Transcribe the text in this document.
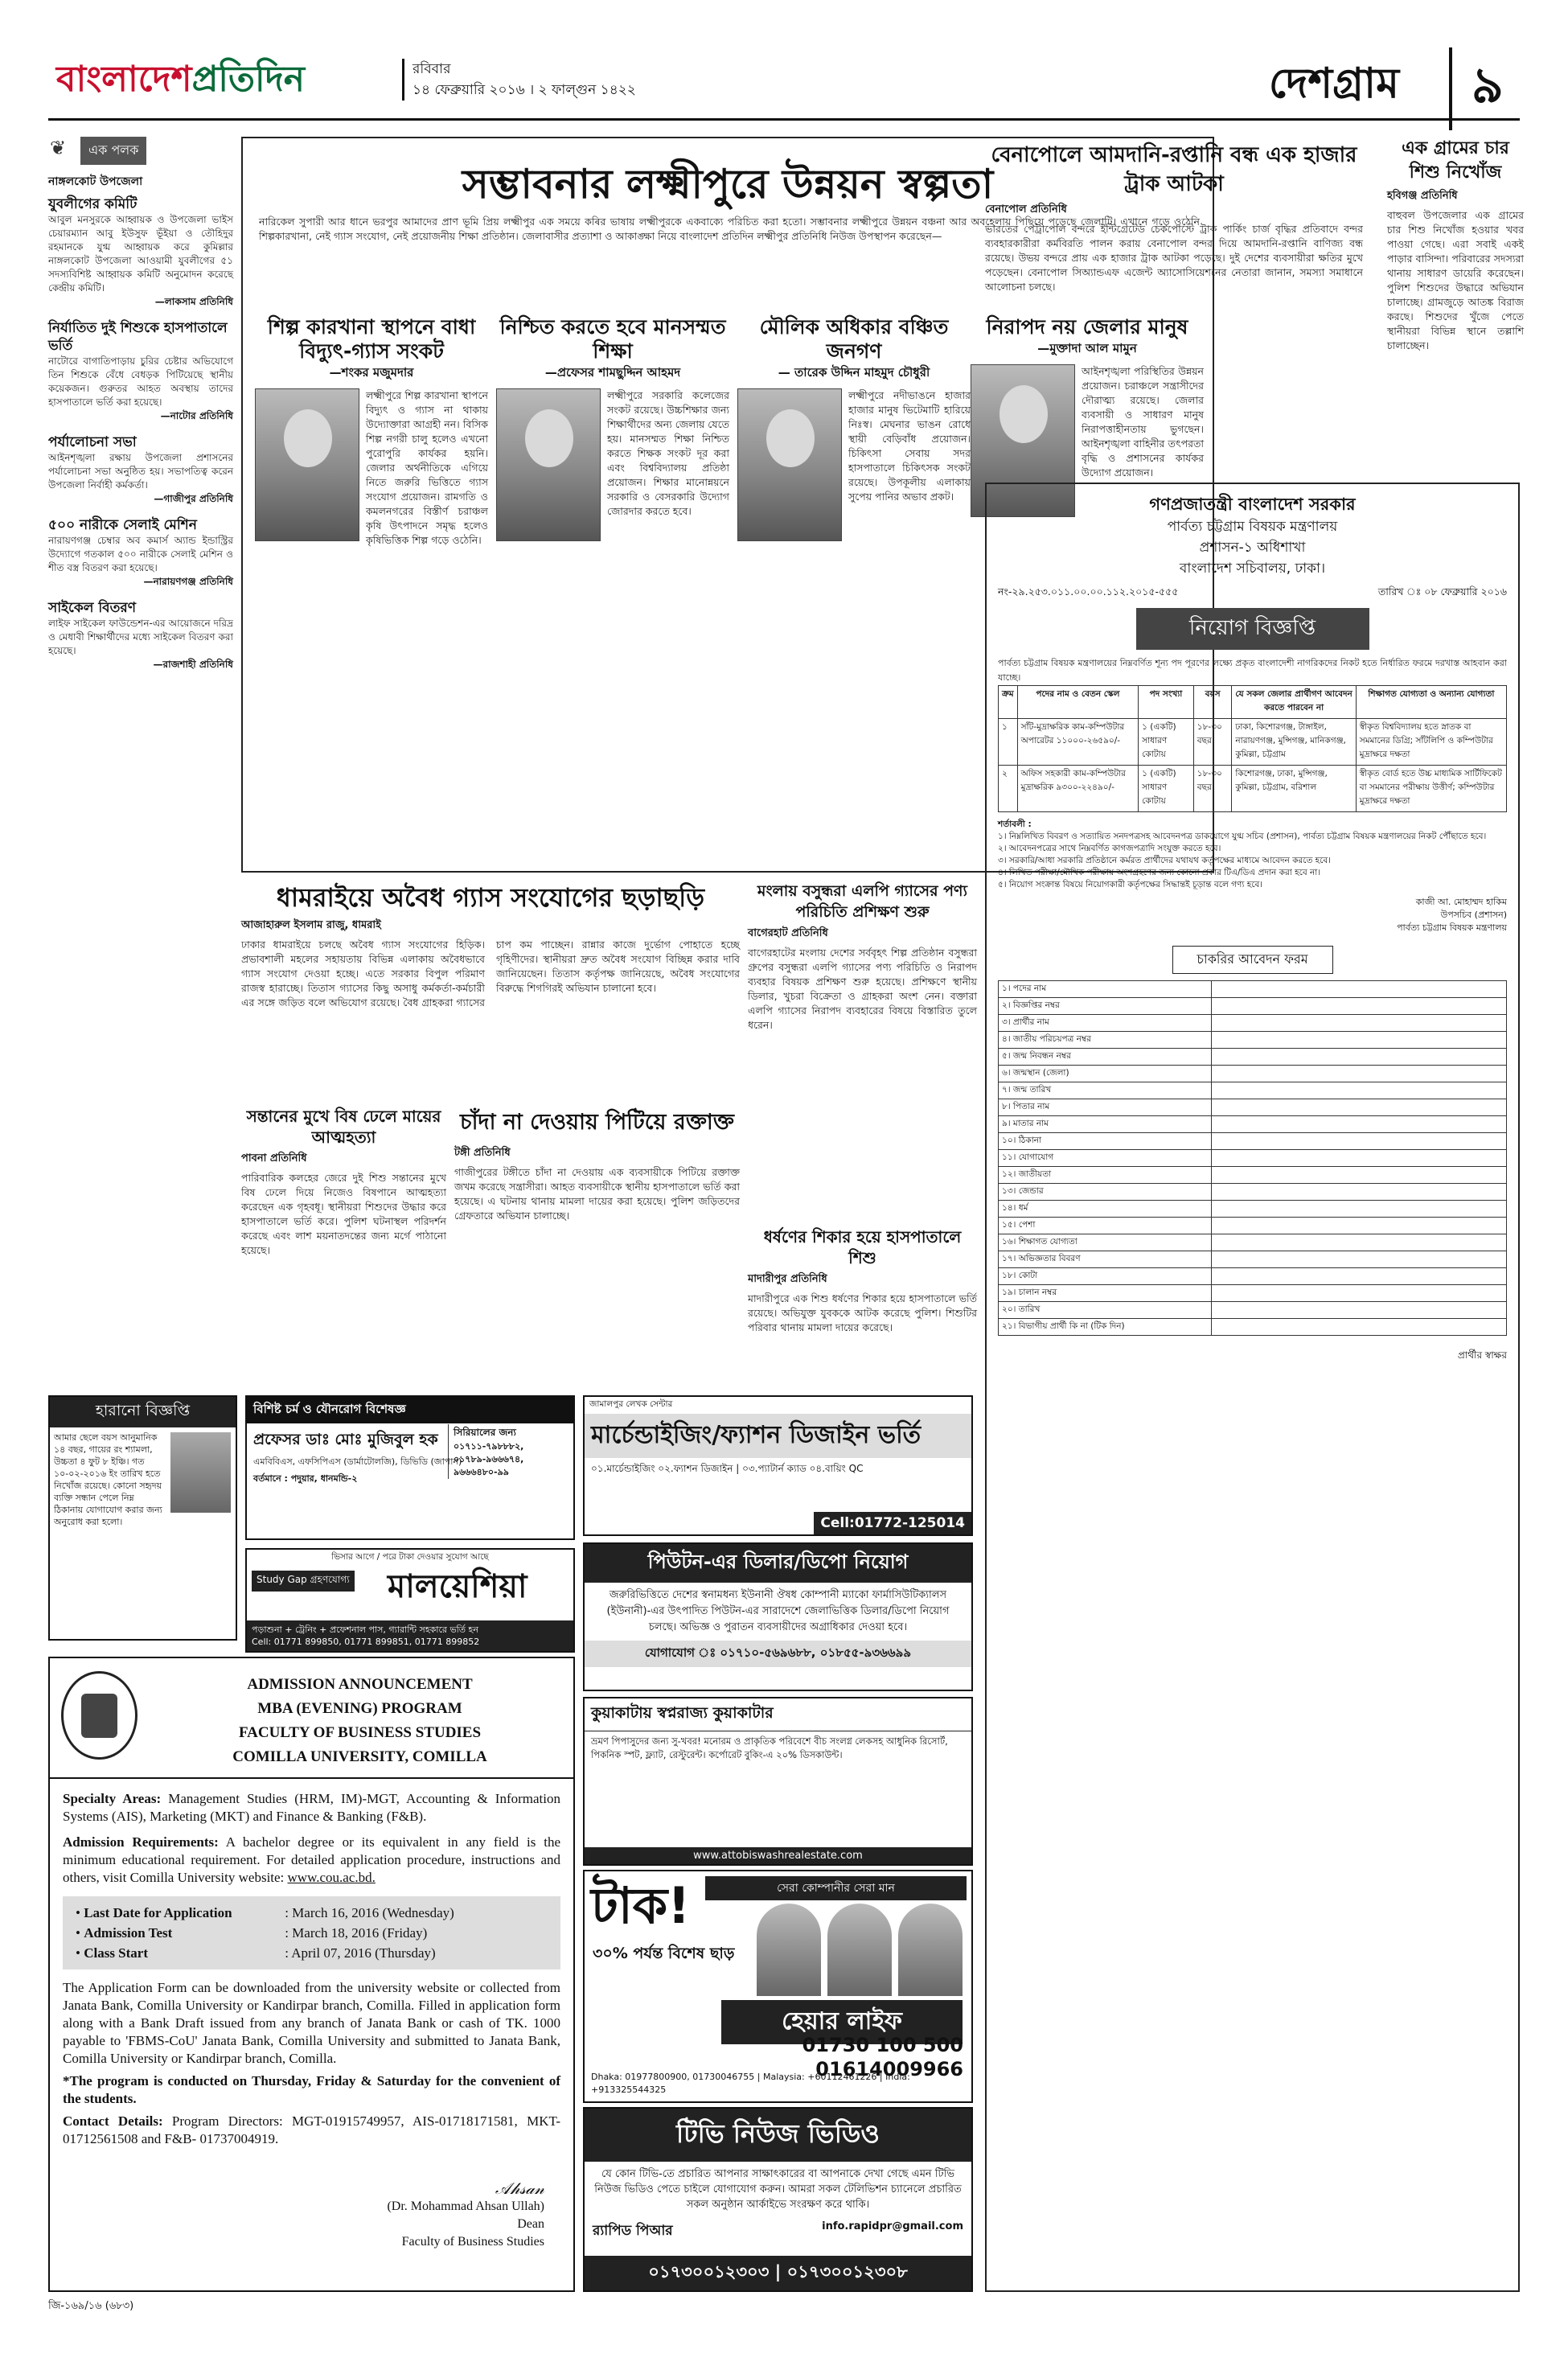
বাংলাদেশপ্রতিদিন	রবিবার
১৪ ফেব্রুয়ারি ২০১৬ । ২ ফাল্গুন ১৪২২	দেশগ্রাম	৯
❦ এক পলক
নাঙ্গলকোট উপজেলা
যুবলীগের কমিটি

আবুল মনসুরকে আহ্বায়ক ও উপজেলা ভাইস চেয়ারম্যান আবু ইউসুফ ভূঁইয়া ও তৌহিদুর রহমানকে যুগ্ম আহ্বায়ক করে কুমিল্লার নাঙ্গলকোট উপজেলা আওয়ামী যুবলীগের ৫১ সদস্যবিশিষ্ট আহ্বায়ক কমিটি অনুমোদন করেছে কেন্দ্রীয় কমিটি।

—লাকসাম প্রতিনিধি
নির্যাতিত দুই শিশুকে হাসপাতালে ভর্তি

নাটোরে বাগাতিপাড়ায় চুরির চেষ্টার অভিযোগে তিন শিশুকে বেঁধে বেধড়ক পিটিয়েছে স্থানীয় কয়েকজন। গুরুতর আহত অবস্থায় তাদের হাসপাতালে ভর্তি করা হয়েছে।

—নাটোর প্রতিনিধি
পর্যালোচনা সভা

আইনশৃঙ্খলা রক্ষায় উপজেলা প্রশাসনের পর্যালোচনা সভা অনুষ্ঠিত হয়। সভাপতিত্ব করেন উপজেলা নির্বাহী কর্মকর্তা।

—গাজীপুর প্রতিনিধি
৫০০ নারীকে সেলাই মেশিন

নারায়ণগঞ্জ চেম্বার অব কমার্স অ্যান্ড ইন্ডাস্ট্রির উদ্যোগে গতকাল ৫০০ নারীকে সেলাই মেশিন ও শীত বস্ত্র বিতরণ করা হয়েছে।

—নারায়ণগঞ্জ প্রতিনিধি
সাইকেল বিতরণ

লাইফ সাইকেল ফাউন্ডেশন-এর আয়োজনে দরিদ্র ও মেধাবী শিক্ষার্থীদের মধ্যে সাইকেল বিতরণ করা হয়েছে।

—রাজশাহী প্রতিনিধি
সম্ভাবনার লক্ষ্মীপুরে উন্নয়ন স্বল্পতা
নারিকেল সুপারী আর ধানে ভরপুর আমাদের প্রাণ ভূমি প্রিয় লক্ষ্মীপুর এক সময়ে কৰির ভাষায় লক্ষ্মীপুরকে একবাক্যে পরিচিত করা হতো। সম্ভাবনার লক্ষ্মীপুরে উন্নয়ন বঞ্চনা আর অবহেলায় পিছিয়ে পড়েছে জেলাটি। এখানে গড়ে ওঠেনি শিল্পকারখানা, নেই গ্যাস সংযোগ, নেই প্রয়োজনীয় শিক্ষা প্রতিষ্ঠান। জেলাবাসীর প্রত্যাশা ও আকাঙ্ক্ষা নিয়ে বাংলাদেশ প্রতিদিন লক্ষ্মীপুর প্রতিনিধি নিউজ উপস্থাপন করেছেন—
শিল্প কারখানা স্থাপনে বাধা বিদ্যুৎ-গ্যাস সংকট
—শংকর মজুমদার
লক্ষ্মীপুরে শিল্প কারখানা স্থাপনে বিদ্যুৎ ও গ্যাস না থাকায় উদ্যোক্তারা আগ্রহী নন। বিসিক শিল্প নগরী চালু হলেও এখনো পুরোপুরি কার্যকর হয়নি। জেলার অর্থনীতিকে এগিয়ে নিতে জরুরি ভিত্তিতে গ্যাস সংযোগ প্রয়োজন। রামগতি ও কমলনগরের বিস্তীর্ণ চরাঞ্চল কৃষি উৎপাদনে সমৃদ্ধ হলেও কৃষিভিত্তিক শিল্প গড়ে ওঠেনি।
নিশ্চিত করতে হবে মানসম্মত শিক্ষা
—প্রফেসর শামছুদ্দিন আহমদ
লক্ষ্মীপুরে সরকারি কলেজের সংকট রয়েছে। উচ্চশিক্ষার জন্য শিক্ষার্থীদের অন্য জেলায় যেতে হয়। মানসম্মত শিক্ষা নিশ্চিত করতে শিক্ষক সংকট দূর করা এবং বিশ্ববিদ্যালয় প্রতিষ্ঠা প্রয়োজন। শিক্ষার মানোন্নয়নে সরকারি ও বেসরকারি উদ্যোগ জোরদার করতে হবে।
মৌলিক অধিকার বঞ্চিত জনগণ
— তারেক উদ্দিন মাহমুদ চৌধুরী
লক্ষ্মীপুরে নদীভাঙনে হাজার হাজার মানুষ ভিটেমাটি হারিয়ে নিঃস্ব। মেঘনার ভাঙন রোধে স্থায়ী বেড়িবাঁধ প্রয়োজন। চিকিৎসা সেবায় সদর হাসপাতালে চিকিৎসক সংকট রয়েছে। উপকূলীয় এলাকায় সুপেয় পানির অভাব প্রকট।
নিরাপদ নয় জেলার মানুষ
—মুক্তাদা আল মামুন
আইনশৃঙ্খলা পরিস্থিতির উন্নয়ন প্রয়োজন। চরাঞ্চলে সন্ত্রাসীদের দৌরাত্ম্য রয়েছে। জেলার ব্যবসায়ী ও সাধারণ মানুষ নিরাপত্তাহীনতায় ভুগছেন। আইনশৃঙ্খলা বাহিনীর তৎপরতা বৃদ্ধি ও প্রশাসনের কার্যকর উদ্যোগ প্রয়োজন।
বেনাপোলে আমদানি-রপ্তানি বন্ধ এক হাজার ট্রাক আটকা
বেনাপোল প্রতিনিধি
ভারতের পেট্রাপোল বন্দরে ইন্টিগ্রেটেড চেকপোস্টে ট্রাক পার্কিং চার্জ বৃদ্ধির প্রতিবাদে বন্দর ব্যবহারকারীরা কর্মবিরতি পালন করায় বেনাপোল বন্দর দিয়ে আমদানি-রপ্তানি বাণিজ্য বন্ধ রয়েছে। উভয় বন্দরে প্রায় এক হাজার ট্রাক আটকা পড়েছে। দুই দেশের ব্যবসায়ীরা ক্ষতির মুখে পড়েছেন। বেনাপোল সিঅ্যান্ডএফ এজেন্ট অ্যাসোসিয়েশনের নেতারা জানান, সমস্যা সমাধানে আলোচনা চলছে।
এক গ্রামের চার শিশু নিখোঁজ
হবিগঞ্জ প্রতিনিধি
বাহুবল উপজেলার এক গ্রামের চার শিশু নিখোঁজ হওয়ার খবর পাওয়া গেছে। এরা সবাই একই পাড়ার বাসিন্দা। পরিবারের সদস্যরা থানায় সাধারণ ডায়েরি করেছেন। পুলিশ শিশুদের উদ্ধারে অভিযান চালাচ্ছে। গ্রামজুড়ে আতঙ্ক বিরাজ করছে। শিশুদের খুঁজে পেতে স্থানীয়রা বিভিন্ন স্থানে তল্লাশি চালাচ্ছেন।
গণপ্রজাতন্ত্রী বাংলাদেশ সরকার
পার্বত্য চট্টগ্রাম বিষয়ক মন্ত্রণালয়
প্রশাসন-১ অধিশাখা
বাংলাদেশ সচিবালয়, ঢাকা।
নং-২৯.২৫৩.০১১.০০.০০.১১২.২০১৫-৫৫৫	তারিখ ঃ ০৮ ফেব্রুয়ারি ২০১৬
নিয়োগ বিজ্ঞপ্তি
পার্বত্য চট্টগ্রাম বিষয়ক মন্ত্রণালয়ের নিম্নবর্ণিত শূন্য পদ পূরণের লক্ষ্যে প্রকৃত বাংলাদেশী নাগরিকদের নিকট হতে নির্ধারিত ফরমে দরখাস্ত আহবান করা যাচ্ছে।
ক্রম	পদের নাম ও বেতন স্কেল	পদ সংখ্যা	বয়স	যে সকল জেলার প্রার্থীগণ আবেদন করতে পারবেন না	শিক্ষাগত যোগ্যতা ও অন্যান্য যোগ্যতা
১	সাঁট-মুদ্রাক্ষরিক কাম-কম্পিউটার অপারেটর ১১০০০-২৬৫৯০/-	১ (একটি) সাধারণ কোটায়	১৮-৩০ বছর	ঢাকা, কিশোরগঞ্জ, টাঙ্গাইল, নারায়ণগঞ্জ, মুন্সিগঞ্জ, মানিকগঞ্জ, কুমিল্লা, চট্টগ্রাম	স্বীকৃত বিশ্ববিদ্যালয় হতে স্নাতক বা সমমানের ডিগ্রি; সাঁটলিপি ও কম্পিউটার মুদ্রাক্ষরে দক্ষতা
২	অফিস সহকারী কাম-কম্পিউটার মুদ্রাক্ষরিক ৯৩০০-২২৪৯০/-	১ (একটি) সাধারণ কোটায়	১৮-৩০ বছর	কিশোরগঞ্জ, ঢাকা, মুন্সিগঞ্জ, কুমিল্লা, চট্টগ্রাম, বরিশাল	স্বীকৃত বোর্ড হতে উচ্চ মাধ্যমিক সার্টিফিকেট বা সমমানের পরীক্ষায় উত্তীর্ণ; কম্পিউটার মুদ্রাক্ষরে দক্ষতা
শর্তাবলী :
১। নিম্নলিখিত বিবরণ ও সত্যায়িত সনদপত্রসহ আবেদনপত্র ডাকযোগে যুগ্ম সচিব (প্রশাসন), পার্বত্য চট্টগ্রাম বিষয়ক মন্ত্রণালয়ের নিকট পৌঁছাতে হবে।
২। আবেদনপত্রের সাথে নিম্নবর্ণিত কাগজপত্রাদি সংযুক্ত করতে হবে।
৩। সরকারি/আধা সরকারি প্রতিষ্ঠানে কর্মরত প্রার্থীদের যথাযথ কর্তৃপক্ষের মাধ্যমে আবেদন করতে হবে।
৪। লিখিত পরীক্ষা/মৌখিক পরীক্ষায় অংশগ্রহণের জন্য কোনো প্রকার টিএ/ডিএ প্রদান করা হবে না।
৫। নিয়োগ সংক্রান্ত বিষয়ে নিয়োগকারী কর্তৃপক্ষের সিদ্ধান্তই চূড়ান্ত বলে গণ্য হবে।
কাজী আ. মোহাম্মদ হাকিম
উপসচিব (প্রশাসন)
পার্বত্য চট্টগ্রাম বিষয়ক মন্ত্রণালয়
চাকরির আবেদন ফরম
১। পদের নাম	
২। বিজ্ঞপ্তির নম্বর	
৩। প্রার্থীর নাম	
৪। জাতীয় পরিচয়পত্র নম্বর	
৫। জন্ম নিবন্ধন নম্বর	
৬। জন্মস্থান (জেলা)	
৭। জন্ম তারিখ	
৮। পিতার নাম	
৯। মাতার নাম	
১০। ঠিকানা	
১১। যোগাযোগ	
১২। জাতীয়তা	
১৩। জেন্ডার	
১৪। ধর্ম	
১৫। পেশা	
১৬। শিক্ষাগত যোগ্যতা	
১৭। অভিজ্ঞতার বিবরণ	
১৮। কোটা	
১৯। চালান নম্বর	
২০। তারিখ	
২১। বিভাগীয় প্রার্থী কি না (টিক দিন)	
প্রার্থীর স্বাক্ষর
ধামরাইয়ে অবৈধ গ্যাস সংযোগের ছড়াছড়ি
আজাহারুল ইসলাম রাজু, ধামরাই
ঢাকার ধামরাইয়ে চলছে অবৈধ গ্যাস সংযোগের হিড়িক। প্রভাবশালী মহলের সহায়তায় বিভিন্ন এলাকায় অবৈধভাবে গ্যাস সংযোগ দেওয়া হচ্ছে। এতে সরকার বিপুল পরিমাণ রাজস্ব হারাচ্ছে। তিতাস গ্যাসের কিছু অসাধু কর্মকর্তা-কর্মচারী এর সঙ্গে জড়িত বলে অভিযোগ রয়েছে। বৈধ গ্রাহকরা গ্যাসের চাপ কম পাচ্ছেন। রান্নার কাজে দুর্ভোগ পোহাতে হচ্ছে গৃহিণীদের। স্থানীয়রা দ্রুত অবৈধ সংযোগ বিচ্ছিন্ন করার দাবি জানিয়েছেন। তিতাস কর্তৃপক্ষ জানিয়েছে, অবৈধ সংযোগের বিরুদ্ধে শিগগিরই অভিযান চালানো হবে।
মংলায় বসুন্ধরা এলপি গ্যাসের পণ্য পরিচিতি প্রশিক্ষণ শুরু
বাগেরহাট প্রতিনিধি
বাগেরহাটের মংলায় দেশের সর্ববৃহৎ শিল্প প্রতিষ্ঠান বসুন্ধরা গ্রুপের বসুন্ধরা এলপি গ্যাসের পণ্য পরিচিতি ও নিরাপদ ব্যবহার বিষয়ক প্রশিক্ষণ শুরু হয়েছে। প্রশিক্ষণে স্থানীয় ডিলার, খুচরা বিক্রেতা ও গ্রাহকরা অংশ নেন। বক্তারা এলপি গ্যাসের নিরাপদ ব্যবহারের বিষয়ে বিস্তারিত তুলে ধরেন।
সন্তানের মুখে বিষ ঢেলে মায়ের আত্মহত্যা
পাবনা প্রতিনিধি
পারিবারিক কলহের জেরে দুই শিশু সন্তানের মুখে বিষ ঢেলে দিয়ে নিজেও বিষপানে আত্মহত্যা করেছেন এক গৃহবধূ। স্থানীয়রা শিশুদের উদ্ধার করে হাসপাতালে ভর্তি করে। পুলিশ ঘটনাস্থল পরিদর্শন করেছে এবং লাশ ময়নাতদন্তের জন্য মর্গে পাঠানো হয়েছে।
চাঁদা না দেওয়ায় পিটিয়ে রক্তাক্ত
টঙ্গী প্রতিনিধি
গাজীপুরের টঙ্গীতে চাঁদা না দেওয়ায় এক ব্যবসায়ীকে পিটিয়ে রক্তাক্ত জখম করেছে সন্ত্রাসীরা। আহত ব্যবসায়ীকে স্থানীয় হাসপাতালে ভর্তি করা হয়েছে। এ ঘটনায় থানায় মামলা দায়ের করা হয়েছে। পুলিশ জড়িতদের গ্রেফতারে অভিযান চালাচ্ছে।
ধর্ষণের শিকার হয়ে হাসপাতালে শিশু
মাদারীপুর প্রতিনিধি
মাদারীপুরে এক শিশু ধর্ষণের শিকার হয়ে হাসপাতালে ভর্তি রয়েছে। অভিযুক্ত যুবককে আটক করেছে পুলিশ। শিশুটির পরিবার থানায় মামলা দায়ের করেছে।
হারানো বিজ্ঞপ্তি

আমার ছেলে বয়স আনুমানিক ১৪ বছর, গায়ের রং শ্যামলা, উচ্চতা ৪ ফুট ৮ ইঞ্চি। গত ১০-০২-২০১৬ ইং তারিখ হতে নিখোঁজ রয়েছে। কোনো সহৃদয় ব্যক্তি সন্ধান পেলে নিম্ন ঠিকানায় যোগাযোগ করার জন্য অনুরোধ করা হলো।

বিশিষ্ট চর্ম ও যৌনরোগ বিশেষজ্ঞ
প্রফেসর ডাঃ মোঃ মুজিবুল হক

এমবিবিএস, এফসিপিএস (ডার্মাটোলজি), ডিভিডি (জাপান)

বর্তমানে : পদুয়ার, ধানমন্ডি-২

সিরিয়ালের জন্য
০১৭১১-৭৯৮৮৮২, ০১৭৮৯-৯৬৬৬৭৪, ৯৬৬৬৪৮০-৯৯
ভিসার আগে / পরে টাকা দেওয়ার সুযোগ আছে
Study Gap গ্রহণযোগ্য মালয়েশিয়া
পড়াশুনা + ট্রেনিং + প্রফেশনাল পাস, গ্যারান্টি সহকারে ভর্তি হন
Cell: 01771 899850, 01771 899851, 01771 899852
জামালপুর লেখক সেন্টার
মার্চেন্ডাইজিং/ফ্যাশন ডিজাইন ভর্তি
০১.মার্চেন্ডাইজিং ০২.ফ্যাশন ডিজাইন | ০৩.প্যাটার্ন ক্যাড ০৪.বায়িং QC
Cell:01772-125014
পিউটন-এর ডিলার/ডিপো নিয়োগ

জরুরিভিত্তিতে দেশের স্বনামধন্য ইউনানী ঔষধ কোম্পানী ম্যাকো ফার্মাসিউটিক্যালস (ইউনানী)-এর উৎপাদিত পিউটন-এর সারাদেশে জেলাভিত্তিক ডিলার/ডিপো নিয়োগ চলছে। অভিজ্ঞ ও পুরাতন ব্যবসায়ীদের অগ্রাধিকার দেওয়া হবে।

যোগাযোগ ঃ ০১৭১০-৫৬৯৬৮৮, ০১৮৫৫-৯৩৬৬৯৯
কুয়াকাটায় স্বপ্নরাজ্য কুয়াকাটার

ভ্রমণ পিপাসুদের জন্য সু-খবর! মনোরম ও প্রাকৃতিক পরিবেশে বীচ সংলগ্ন লেকসহ আধুনিক রিসোর্ট, পিকনিক স্পট, ফ্ল্যাট, রেস্টুরেন্ট। কর্পোরেট বুকিং-এ ২০% ডিসকাউন্ট।

www.attobiswashrealestate.com
টাক!
৩০% পর্যন্ত বিশেষ ছাড়
সেরা কোম্পানীর সেরা মান
হেয়ার লাইফ
01730 100 500
01614009966
Dhaka: 01977800900, 01730046755 | Malaysia: +60112461226 | India: +913325544325
টিভি নিউজ ভিডিও

যে কোন টিভি-তে প্রচারিত আপনার সাক্ষাৎকারের বা আপনাকে দেখা গেছে এমন টিভি নিউজ ভিডিও পেতে চাইলে যোগাযোগ করুন। আমরা সকল টেলিভিশন চ্যানেলে প্রচারিত সকল অনুষ্ঠান আর্কাইভে সংরক্ষণ করে থাকি।

র‍্যাপিড পিআর	info.rapidpr@gmail.com
০১৭৩০০১২৩০৩ | ০১৭৩০০১২৩০৮
ADMISSION ANNOUNCEMENT
MBA (EVENING) PROGRAM
FACULTY OF BUSINESS STUDIES
COMILLA UNIVERSITY, COMILLA

Specialty Areas: Management Studies (HRM, IM)-MGT, Accounting & Information Systems (AIS), Marketing (MKT) and Finance & Banking (F&B).

Admission Requirements: A bachelor degree or its equivalent in any field is the minimum educational requirement. For detailed application procedure, instructions and others, visit Comilla University website: www.cou.ac.bd.

• Last Date for Application	: March 16, 2016 (Wednesday)
• Admission Test	: March 18, 2016 (Friday)
• Class Start	: April 07, 2016 (Thursday)

The Application Form can be downloaded from the university website or collected from Janata Bank, Comilla University or Kandirpar branch, Comilla. Filled in application form along with a Bank Draft issued from any branch of Janata Bank or cash of TK. 1000 payable to 'FBMS-CoU' Janata Bank, Comilla University and submitted to Janata Bank, Comilla University or Kandirpar branch, Comilla.

*The program is conducted on Thursday, Friday & Saturday for the convenient of the students.

Contact Details: Program Directors: MGT-01915749957, AIS-01718171581, MKT-01712561508 and F&B- 01737004919.

𝒜𝒽𝓈𝒶𝓃
(Dr. Mohammad Ahsan Ullah)
Dean
Faculty of Business Studies
জি-১৬৯/১৬ (৬৮৩)
